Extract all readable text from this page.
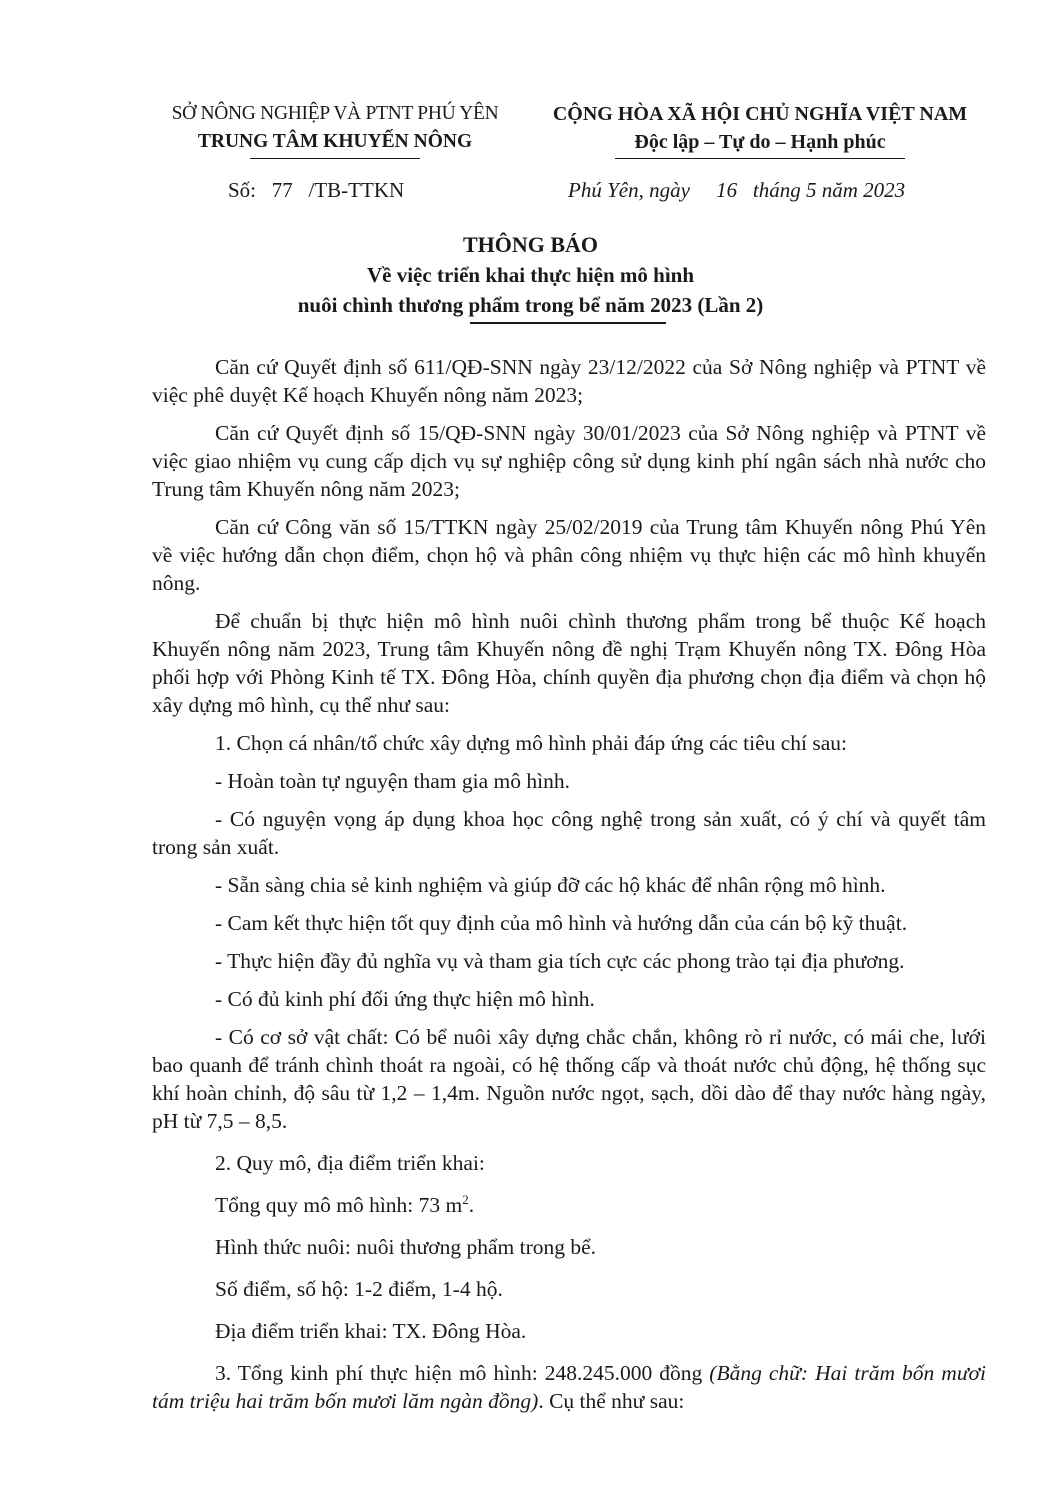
SỞ NÔNG NGHIỆP VÀ PTNT PHÚ YÊN
TRUNG TÂM KHUYẾN NÔNG
CỘNG HÒA XÃ HỘI CHỦ NGHĨA VIỆT NAM
Độc lập – Tự do – Hạnh phúc
Số: 77 /TB-TTKN	Phú Yên, ngày 16 tháng 5 năm 2023
THÔNG BÁO
Về việc triển khai thực hiện mô hình
nuôi chình thương phẩm trong bể năm 2023 (Lần 2)

Căn cứ Quyết định số 611/QĐ-SNN ngày 23/12/2022 của Sở Nông nghiệp và PTNT về việc phê duyệt Kế hoạch Khuyến nông năm 2023;

Căn cứ Quyết định số 15/QĐ-SNN ngày 30/01/2023 của Sở Nông nghiệp và PTNT về việc giao nhiệm vụ cung cấp dịch vụ sự nghiệp công sử dụng kinh phí ngân sách nhà nước cho Trung tâm Khuyến nông năm 2023;

Căn cứ Công văn số 15/TTKN ngày 25/02/2019 của Trung tâm Khuyến nông Phú Yên về việc hướng dẫn chọn điểm, chọn hộ và phân công nhiệm vụ thực hiện các mô hình khuyến nông.

Để chuẩn bị thực hiện mô hình nuôi chình thương phẩm trong bể thuộc Kế hoạch Khuyến nông năm 2023, Trung tâm Khuyến nông đề nghị Trạm Khuyến nông TX. Đông Hòa phối hợp với Phòng Kinh tế TX. Đông Hòa, chính quyền địa phương chọn địa điểm và chọn hộ xây dựng mô hình, cụ thể như sau:

1. Chọn cá nhân/tổ chức xây dựng mô hình phải đáp ứng các tiêu chí sau:

- Hoàn toàn tự nguyện tham gia mô hình.

- Có nguyện vọng áp dụng khoa học công nghệ trong sản xuất, có ý chí và quyết tâm trong sản xuất.

- Sẵn sàng chia sẻ kinh nghiệm và giúp đỡ các hộ khác để nhân rộng mô hình.

- Cam kết thực hiện tốt quy định của mô hình và hướng dẫn của cán bộ kỹ thuật.

- Thực hiện đầy đủ nghĩa vụ và tham gia tích cực các phong trào tại địa phương.

- Có đủ kinh phí đối ứng thực hiện mô hình.

- Có cơ sở vật chất: Có bể nuôi xây dựng chắc chắn, không rò rỉ nước, có mái che, lưới bao quanh để tránh chình thoát ra ngoài, có hệ thống cấp và thoát nước chủ động, hệ thống sục khí hoàn chỉnh, độ sâu từ 1,2 – 1,4m. Nguồn nước ngọt, sạch, dồi dào để thay nước hàng ngày, pH từ 7,5 – 8,5.

2. Quy mô, địa điểm triển khai:

Tổng quy mô mô hình: 73 $m^2$.

Hình thức nuôi: nuôi thương phẩm trong bể.

Số điểm, số hộ: 1-2 điểm, 1-4 hộ.

Địa điểm triển khai: TX. Đông Hòa.

3. Tổng kinh phí thực hiện mô hình: 248.245.000 đồng (Bằng chữ: Hai trăm bốn mươi tám triệu hai trăm bốn mươi lăm ngàn đồng). Cụ thể như sau:
